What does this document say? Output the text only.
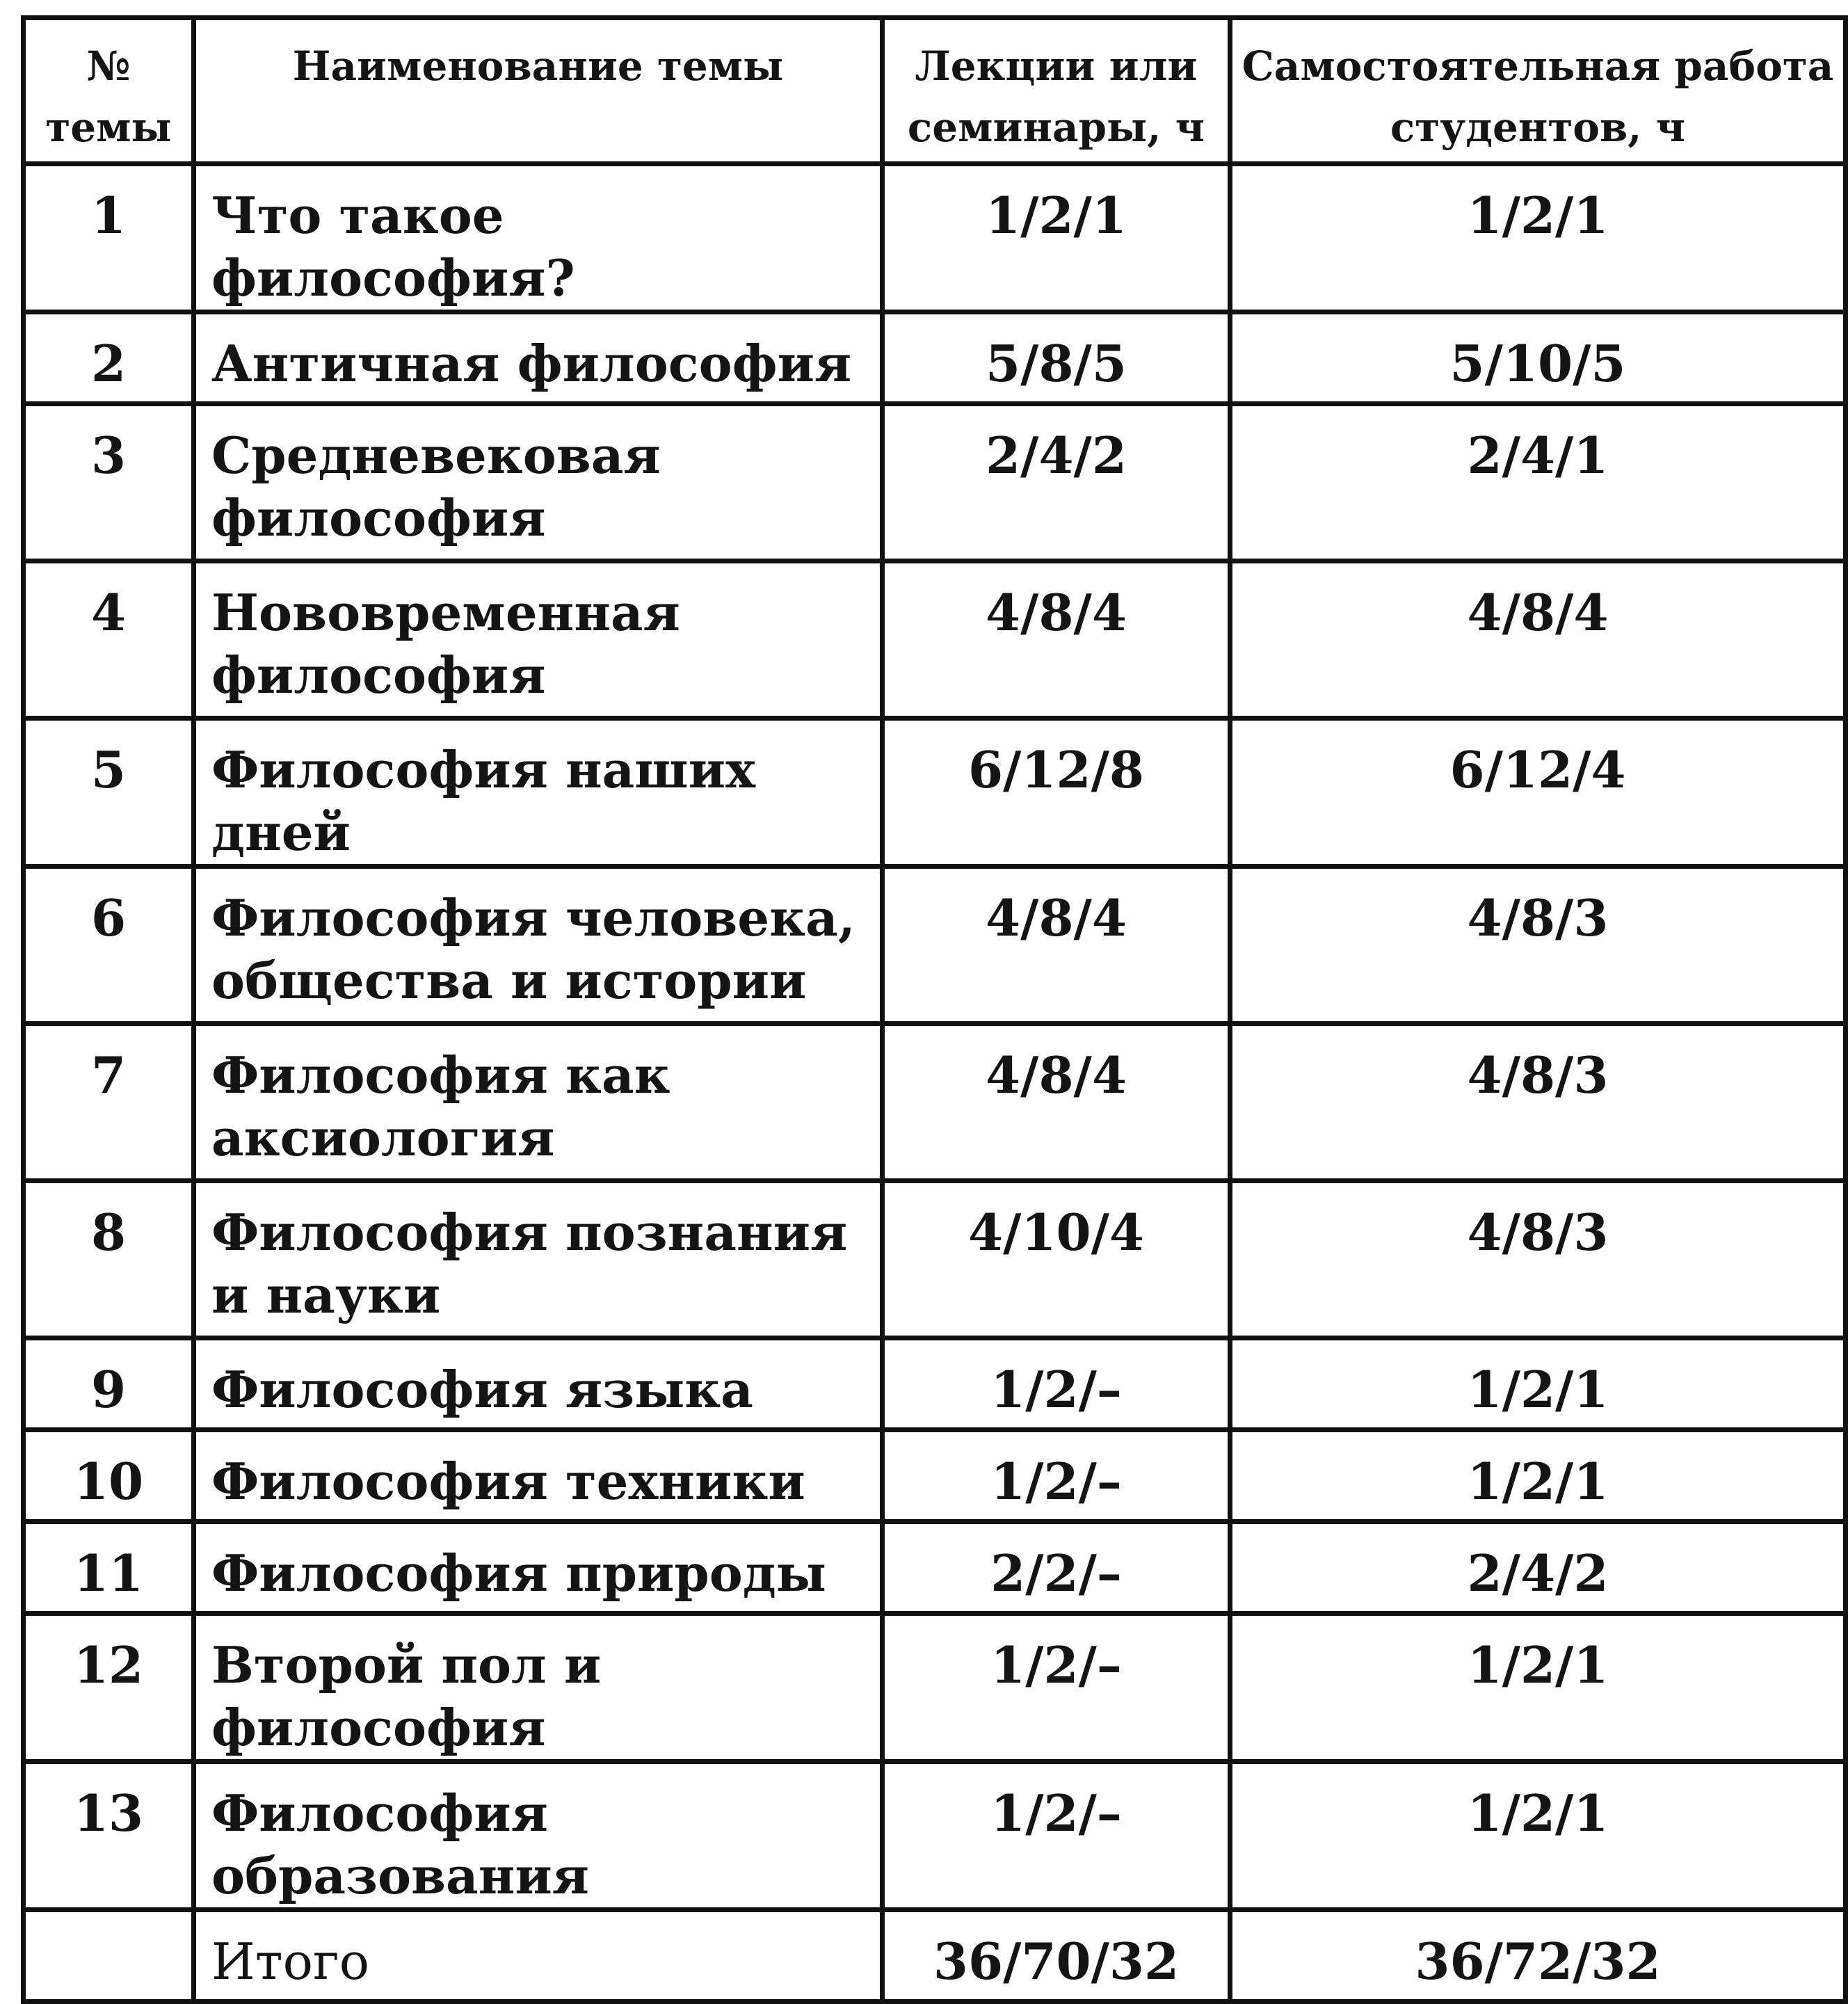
№ темы	Наименование темы	Лекции или семинары, ч	Самостоятельная работа студентов, ч
1	Что такое философия?	1/2/1	1/2/1
2	Античная философия	5/8/5	5/10/5
3	Средневековая философия	2/4/2	2/4/1
4	Нововременная философия	4/8/4	4/8/4
5	Философия наших дней	6/12/8	6/12/4
6	Философия человека, общества и истории	4/8/4	4/8/3
7	Философия как аксиология	4/8/4	4/8/3
8	Философия познания и науки	4/10/4	4/8/3
9	Философия языка	1/2/–	1/2/1
10	Философия техники	1/2/–	1/2/1
11	Философия природы	2/2/–	2/4/2
12	Второй пол и философия	1/2/–	1/2/1
13	Философия образования	1/2/–	1/2/1
	Итого	36/70/32	36/72/32
